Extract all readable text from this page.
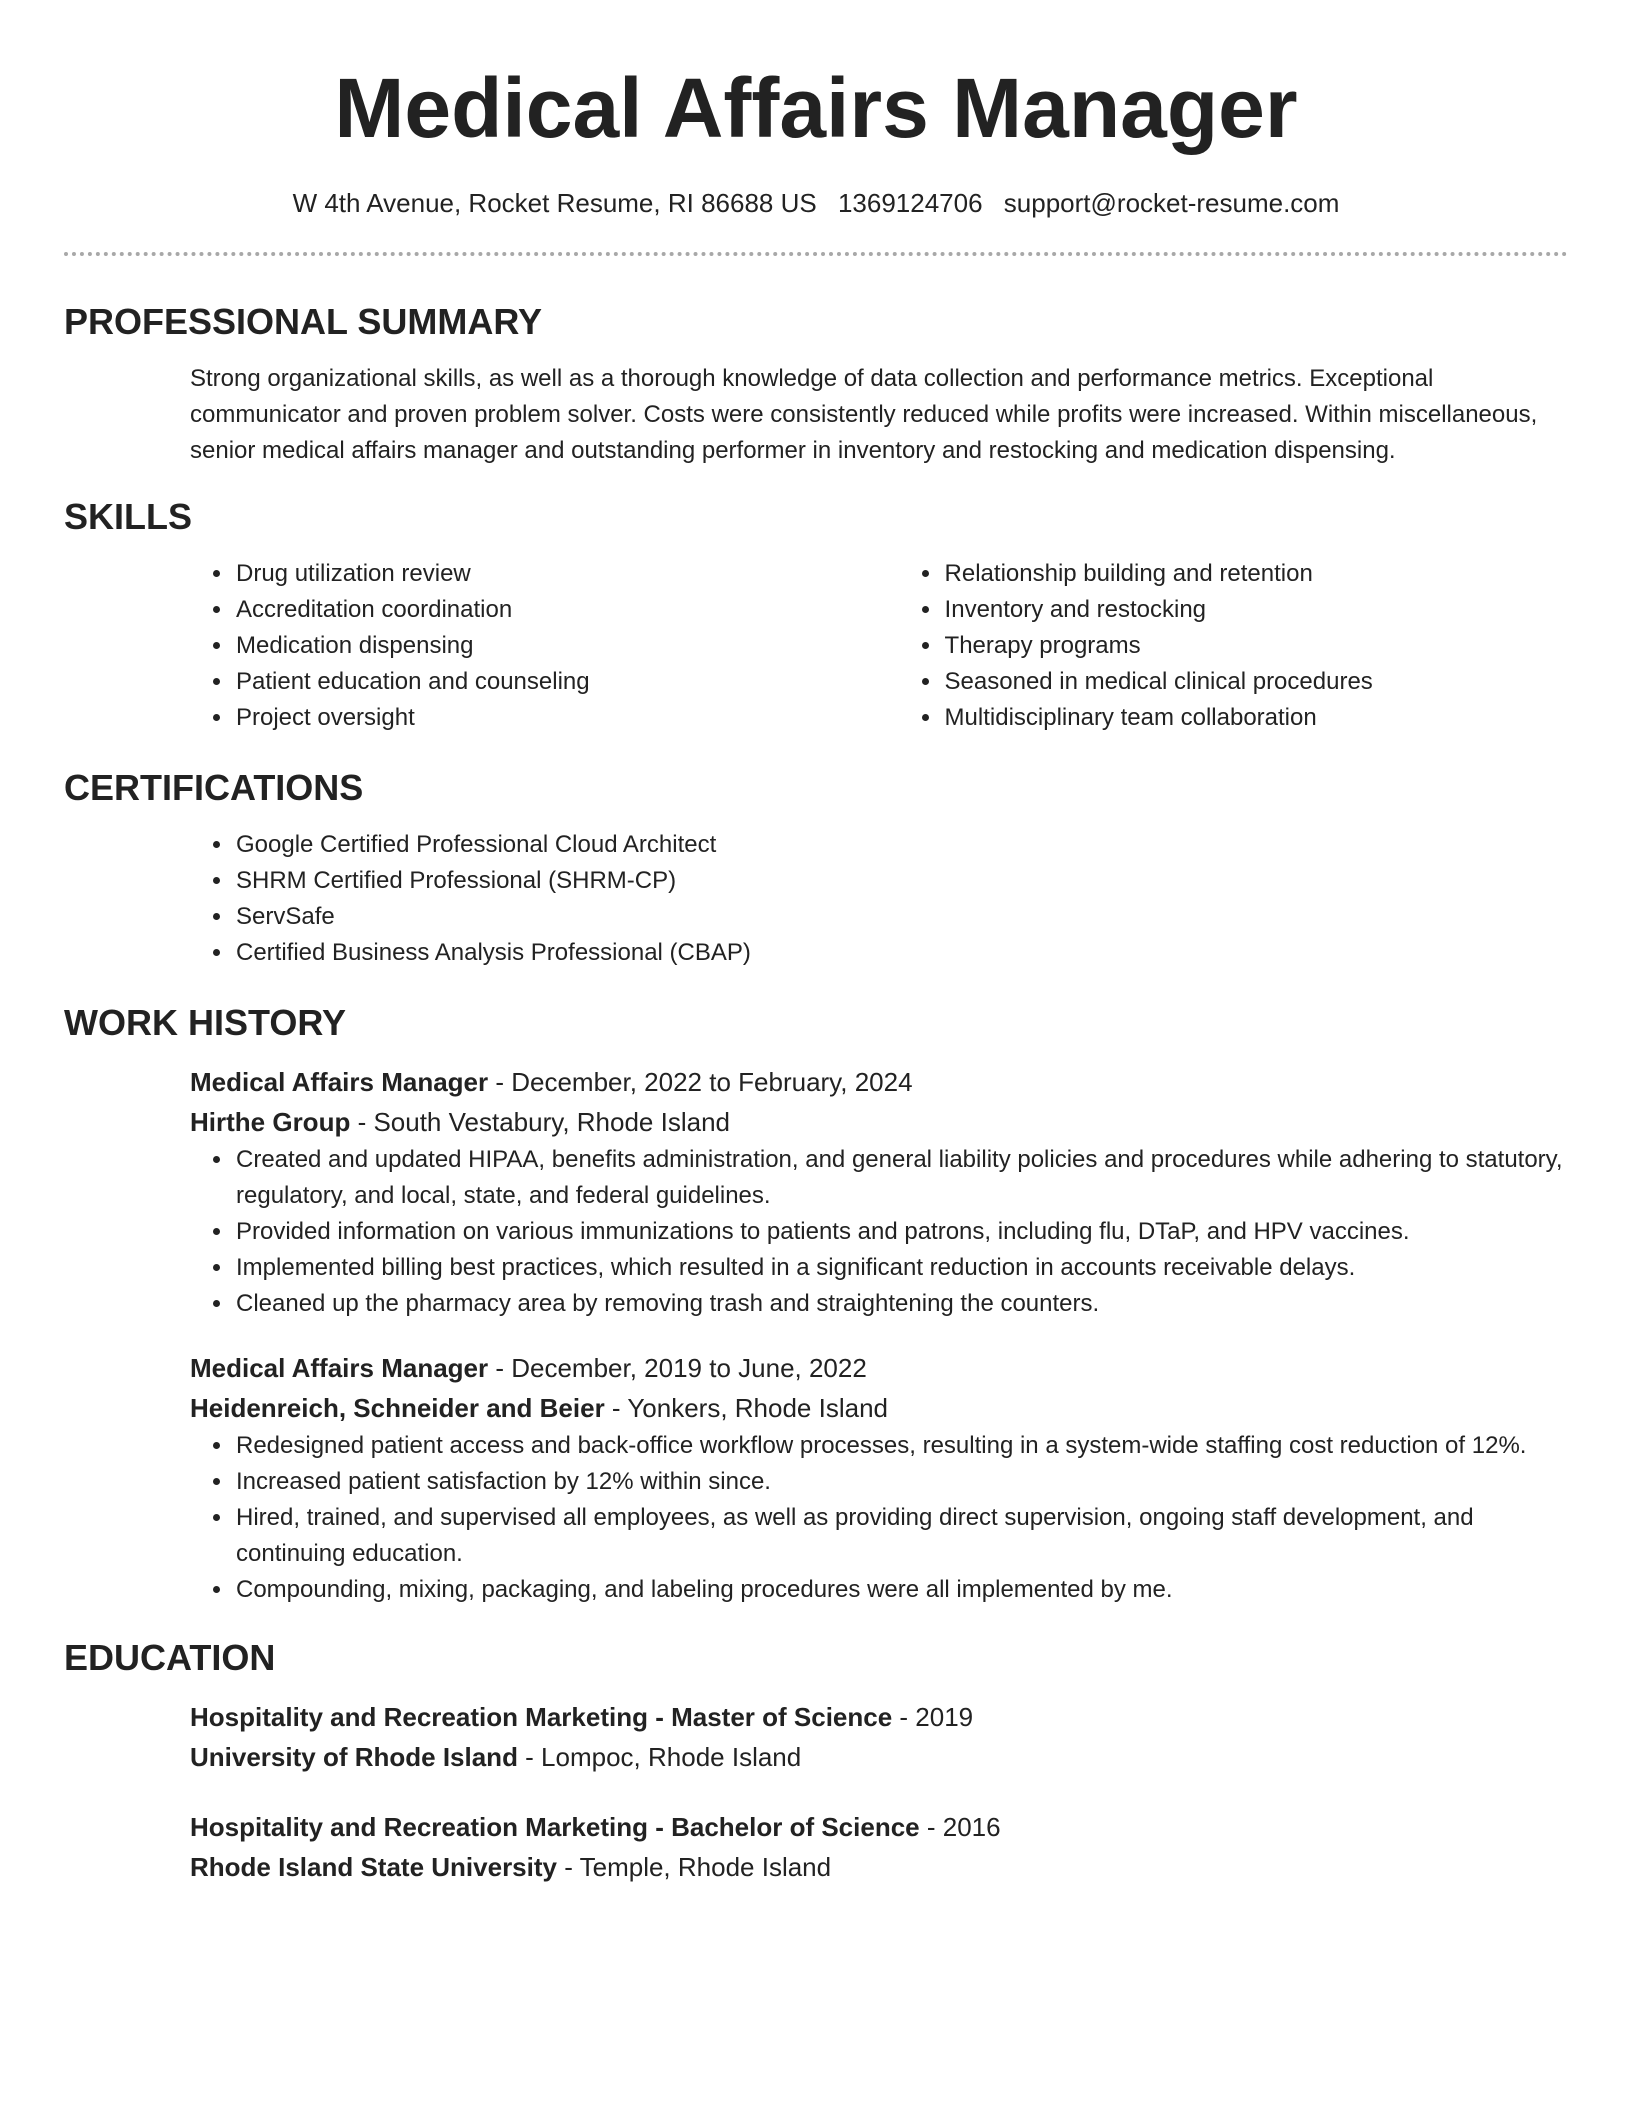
Medical Affairs Manager
W 4th Avenue, Rocket Resume, RI 86688 US 1369124706 support@rocket-resume.com
PROFESSIONAL SUMMARY
Strong organizational skills, as well as a thorough knowledge of data collection and performance metrics. Exceptional communicator and proven problem solver. Costs were consistently reduced while profits were increased. Within miscellaneous, senior medical affairs manager and outstanding performer in inventory and restocking and medication dispensing.
SKILLS
• Drug utilization review
• Accreditation coordination
• Medication dispensing
• Patient education and counseling
• Project oversight
• Relationship building and retention
• Inventory and restocking
• Therapy programs
• Seasoned in medical clinical procedures
• Multidisciplinary team collaboration
CERTIFICATIONS
• Google Certified Professional Cloud Architect
• SHRM Certified Professional (SHRM-CP)
• ServSafe
• Certified Business Analysis Professional (CBAP)
WORK HISTORY
Medical Affairs Manager - December, 2022 to February, 2024
Hirthe Group - South Vestabury, Rhode Island
• Created and updated HIPAA, benefits administration, and general liability policies and procedures while adhering to statutory, regulatory, and local, state, and federal guidelines.
• Provided information on various immunizations to patients and patrons, including flu, DTaP, and HPV vaccines.
• Implemented billing best practices, which resulted in a significant reduction in accounts receivable delays.
• Cleaned up the pharmacy area by removing trash and straightening the counters.
Medical Affairs Manager - December, 2019 to June, 2022
Heidenreich, Schneider and Beier - Yonkers, Rhode Island
• Redesigned patient access and back-office workflow processes, resulting in a system-wide staffing cost reduction of 12%.
• Increased patient satisfaction by 12% within since.
• Hired, trained, and supervised all employees, as well as providing direct supervision, ongoing staff development, and continuing education.
• Compounding, mixing, packaging, and labeling procedures were all implemented by me.
EDUCATION
Hospitality and Recreation Marketing - Master of Science - 2019
University of Rhode Island - Lompoc, Rhode Island
Hospitality and Recreation Marketing - Bachelor of Science - 2016
Rhode Island State University - Temple, Rhode Island
